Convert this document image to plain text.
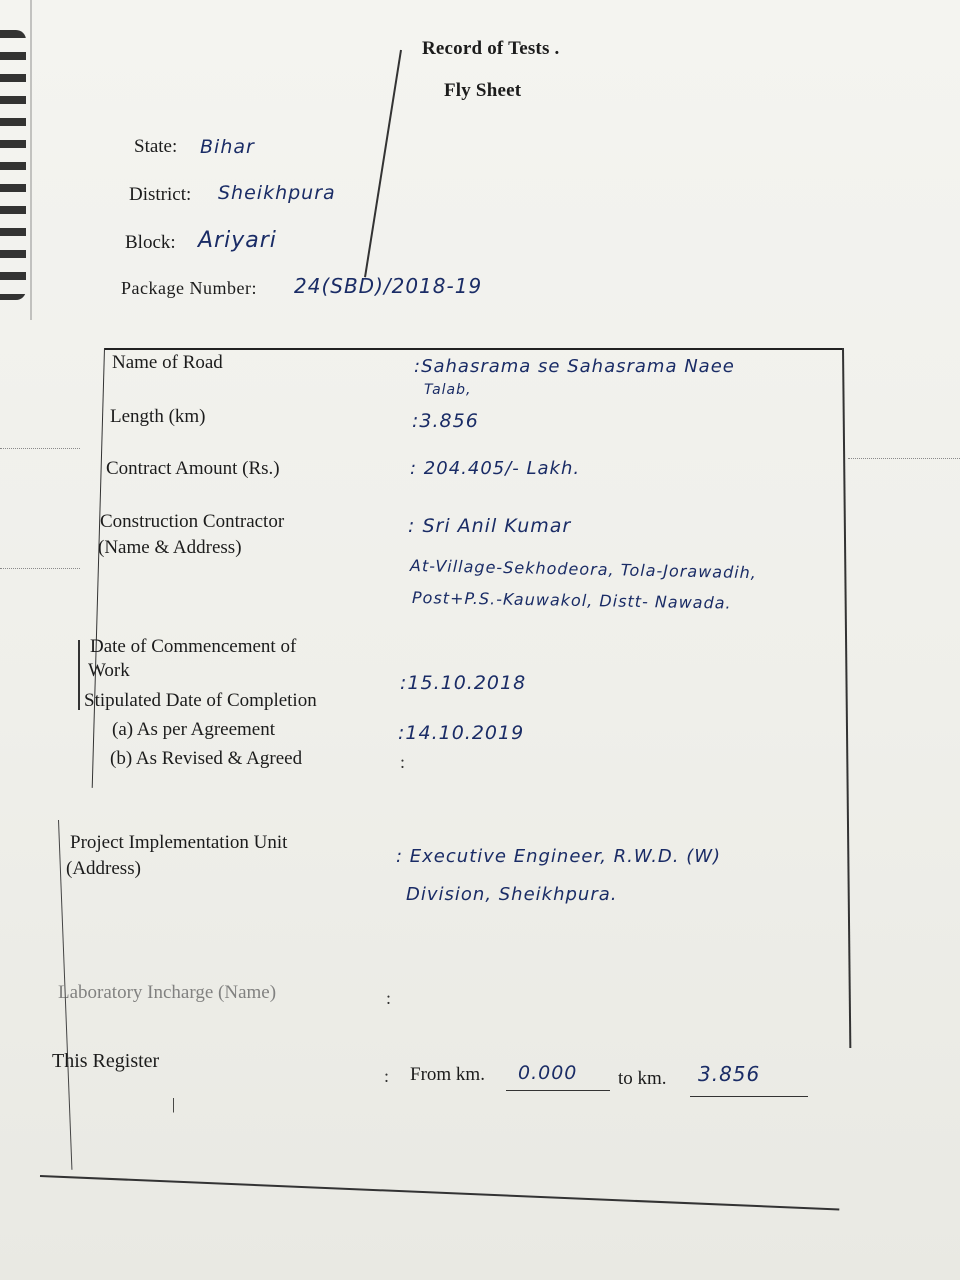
Record of Tests .
Fly Sheet
State: Bihar
District: Sheikhpura
Block: Ariyari
Package Number: 24(SBD)/2018-19
Name of Road	:Sahasrama se Sahasrama Naee
Talab,
Length (km)	:3.856
Contract Amount (Rs.)	: 204.405/- Lakh.
Construction Contractor
(Name & Address)
: Sri Anil Kumar
At-Village-Sekhodeora, Tola-Jorawadih,
Post+P.S.-Kauwakol, Distt- Nawada.
Date of Commencement of
Work
:15.10.2018
Stipulated Date of Completion
(a) As per Agreement	:14.10.2019
(b) As Revised & Agreed	:
Project Implementation Unit
(Address)
: Executive Engineer, R.W.D. (W)
Division, Sheikhpura.
Laboratory Incharge (Name)	:
This Register
: From km. 0.000 to km. 3.856
|
